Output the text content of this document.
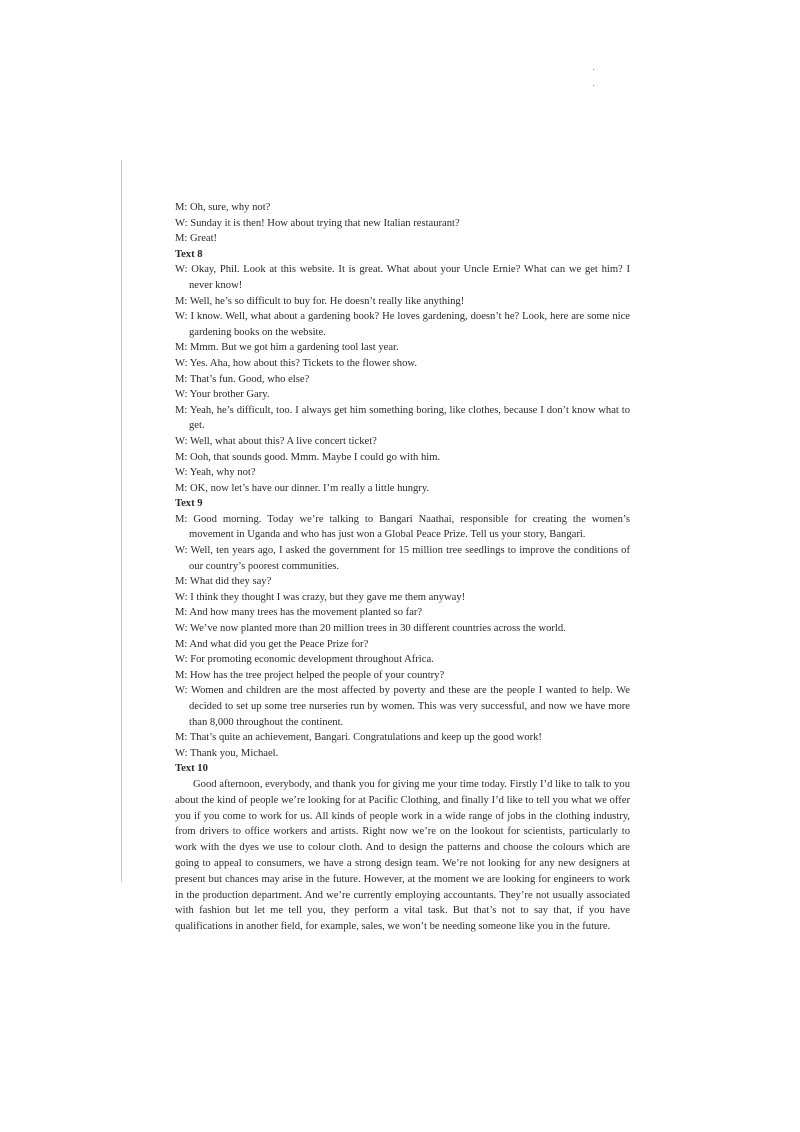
·
·
M: Oh, sure, why not?
W: Sunday it is then! How about trying that new Italian restaurant?
M: Great!
Text 8
W: Okay, Phil. Look at this website. It is great. What about your Uncle Ernie? What can we get him? I never know!
M: Well, he’s so difficult to buy for. He doesn’t really like anything!
W: I know. Well, what about a gardening book? He loves gardening, doesn’t he? Look, here are some nice gardening books on the website.
M: Mmm. But we got him a gardening tool last year.
W: Yes. Aha, how about this? Tickets to the flower show.
M: That’s fun. Good, who else?
W: Your brother Gary.
M: Yeah, he’s difficult, too. I always get him something boring, like clothes, because I don’t know what to get.
W: Well, what about this? A live concert ticket?
M: Ooh, that sounds good. Mmm. Maybe I could go with him.
W: Yeah, why not?
M: OK, now let’s have our dinner. I’m really a little hungry.
Text 9
M: Good morning. Today we’re talking to Bangari Naathai, responsible for creating the women’s movement in Uganda and who has just won a Global Peace Prize. Tell us your story, Bangari.
W: Well, ten years ago, I asked the government for 15 million tree seedlings to improve the conditions of our country’s poorest communities.
M: What did they say?
W: I think they thought I was crazy, but they gave me them anyway!
M: And how many trees has the movement planted so far?
W: We’ve now planted more than 20 million trees in 30 different countries across the world.
M: And what did you get the Peace Prize for?
W: For promoting economic development throughout Africa.
M: How has the tree project helped the people of your country?
W: Women and children are the most affected by poverty and these are the people I wanted to help. We decided to set up some tree nurseries run by women. This was very successful, and now we have more than 8,000 throughout the continent.
M: That’s quite an achievement, Bangari. Congratulations and keep up the good work!
W: Thank you, Michael.
Text 10
Good afternoon, everybody, and thank you for giving me your time today. Firstly I’d like to talk to you about the kind of people we’re looking for at Pacific Clothing, and finally I’d like to tell you what we offer you if you come to work for us. All kinds of people work in a wide range of jobs in the clothing industry, from drivers to office workers and artists. Right now we’re on the lookout for scientists, particularly to work with the dyes we use to colour cloth. And to design the patterns and choose the colours which are going to appeal to consumers, we have a strong design team. We’re not looking for any new designers at present but chances may arise in the future. However, at the moment we are looking for engineers to work in the production department. And we’re currently employing accountants. They’re not usually associated with fashion but let me tell you, they perform a vital task. But that’s not to say that, if you have qualifications in another field, for example, sales, we won’t be needing someone like you in the future.
